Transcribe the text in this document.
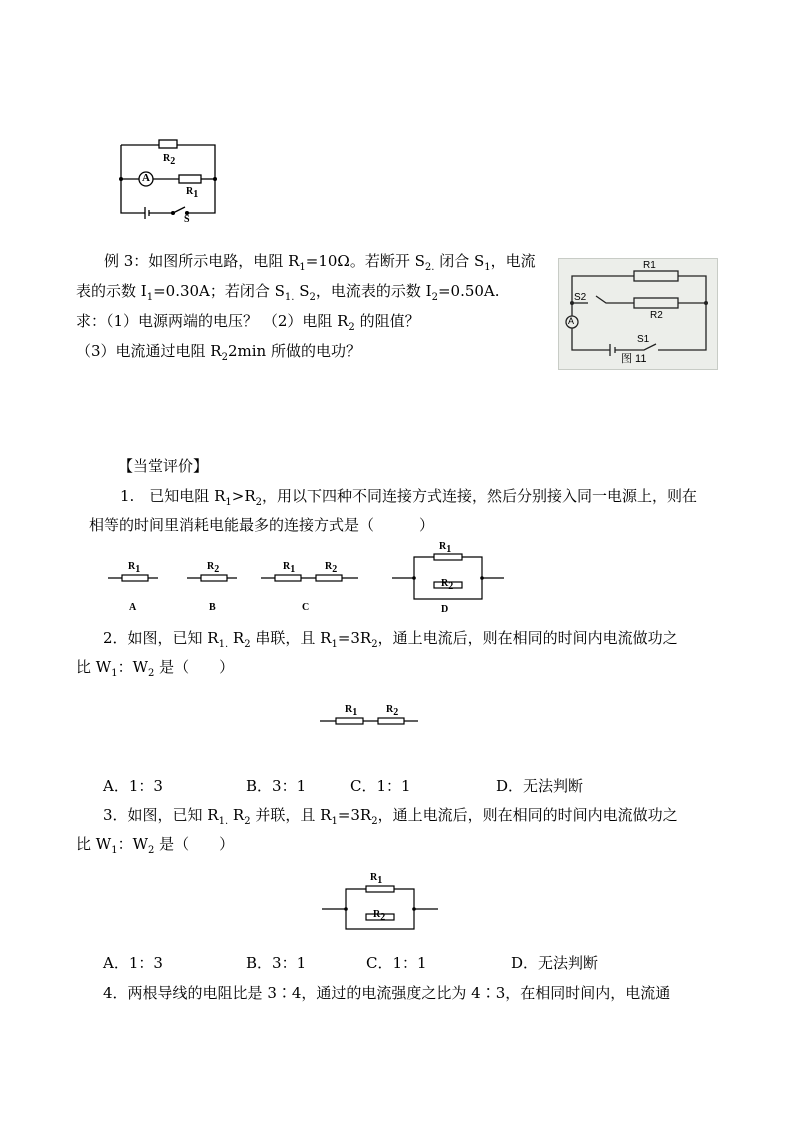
$R_2$
A
$R_1$
S
例 3：如图所示电路，电阻 $R_1=10\Omega$。若断开 $S_{2.}$ 闭合 $S_1$，电流
表的示数 $I_1=0.30A$；若闭合 $S_{1.}$ $S_2$，电流表的示数 $I_2=0.50A$.
求：（1）电源两端的电压？ （2）电阻 $R_2$ 的阻值？
（3）电流通过电阻 $R_22\min$ 所做的电功？
R1
S2
R2
A
S1
图 11
【当堂评价】
1.　已知电阻 $R_1>R_2$，用以下四种不同连接方式连接，然后分别接入同一电源上，则在
相等的时间里消耗电能最多的连接方式是（　　　）
$R_1$
A
$R_2$
B
$R_1$	$R_2$
C
$R_1$
$R_2$
D
2．如图，已知 $R_{1.}$ $R_2$ 串联，且 $R_1=3R_2$，通上电流后，则在相同的时间内电流做功之
比 $W_1$：$W_2$ 是（　　）
$R_1$	$R_2$
A．1：3	B．3：1	C．1：1	D．无法判断
3．如图，已知 $R_{1.}$ $R_2$ 并联，且 $R_1=3R_2$，通上电流后，则在相同的时间内电流做功之
比 $W_1$：$W_2$ 是（　　）
$R_1$
$R_2$
A．1：3	B．3：1	C．1：1	D．无法判断
4．两根导线的电阻比是 3∶4，通过的电流强度之比为 4∶3，在相同时间内，电流通
